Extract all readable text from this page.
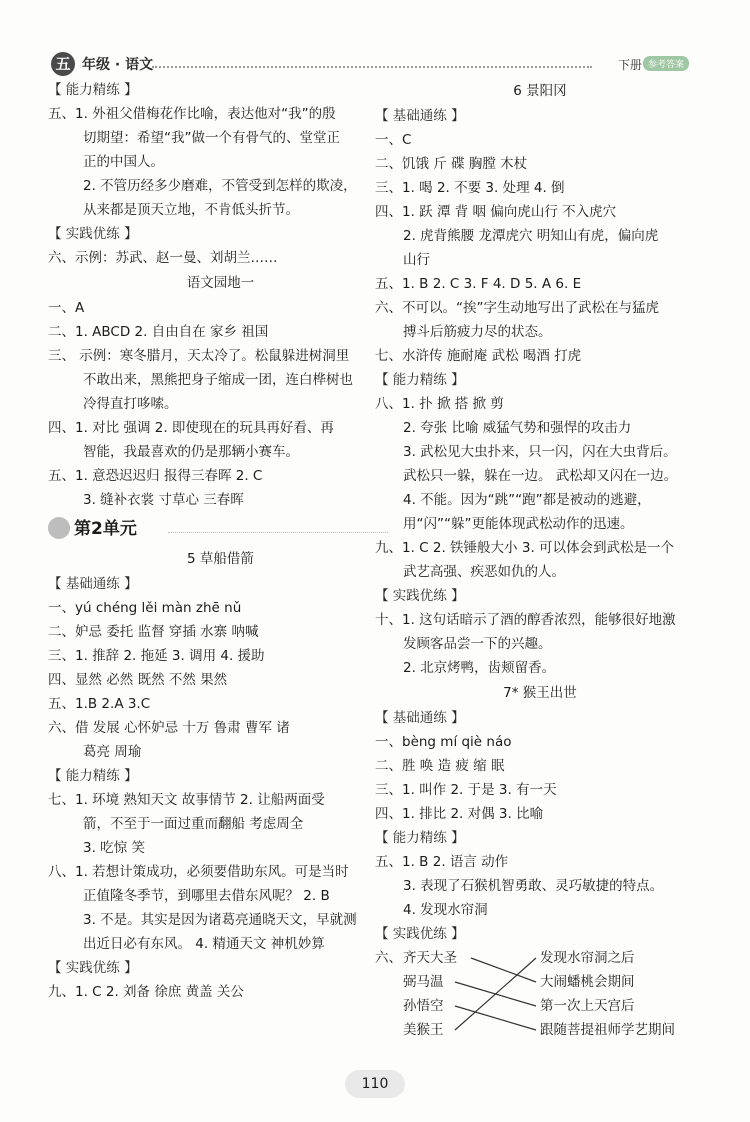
五 年级 · 语文	下册 参考答案
【 能力精练 】
五、1. 外祖父借梅花作比喻，表达他对“我”的殷
切期望：希望“我”做一个有骨气的、堂堂正
正的中国人。
2. 不管历经多少磨难，不管受到怎样的欺凌，
从来都是顶天立地，不肯低头折节。
【 实践优练 】
六、示例：苏武、赵一曼、刘胡兰……
语文园地一
一、A
二、1. ABCD 2. 自由自在 家乡 祖国
三、 示例：寒冬腊月，天太冷了。松鼠躲进树洞里
不敢出来，黑熊把身子缩成一团，连白桦树也
冷得直打哆嗦。
四、1. 对比 强调 2. 即使现在的玩具再好看、再
智能，我最喜欢的仍是那辆小赛车。
五、1. 意恐迟迟归 报得三春晖 2. C
3. 缝补衣裳 寸草心 三春晖
第2单元
5 草船借箭
【 基础通练 】
一、yú chéng lěi màn zhē nǔ
二、妒忌 委托 监督 穿插 水寨 呐喊
三、1. 推辞 2. 拖延 3. 调用 4. 援助
四、显然 必然 既然 不然 果然
五、1.B 2.A 3.C
六、借 发展 心怀妒忌 十万 鲁肃 曹军 诸
葛亮 周瑜
【 能力精练 】
七、1. 环境 熟知天文 故事情节 2. 让船两面受
箭，不至于一面过重而翻船 考虑周全
3. 吃惊 笑
八、1. 若想计策成功，必须要借助东风。可是当时
正值隆冬季节，到哪里去借东风呢？ 2. B
3. 不是。其实是因为诸葛亮通晓天文，早就测
出近日必有东风。 4. 精通天文 神机妙算
【 实践优练 】
九、1. C 2. 刘备 徐庶 黄盖 关公
6 景阳冈
【 基础通练 】
一、C
二、饥饿 斤 碟 胸膛 木杖
三、1. 喝 2. 不要 3. 处理 4. 倒
四、1. 跃 潭 背 咽 偏向虎山行 不入虎穴
2. 虎背熊腰 龙潭虎穴 明知山有虎，偏向虎
山行
五、1. B 2. C 3. F 4. D 5. A 6. E
六、不可以。“挨”字生动地写出了武松在与猛虎
搏斗后筋疲力尽的状态。
七、水浒传 施耐庵 武松 喝酒 打虎
【 能力精练 】
八、1. 扑 掀 搭 掀 剪
2. 夸张 比喻 威猛气势和强悍的攻击力
3. 武松见大虫扑来，只一闪，闪在大虫背后。
武松只一躲，躲在一边。 武松却又闪在一边。
4. 不能。因为“跳”“跑”都是被动的逃避，
用“闪”“躲”更能体现武松动作的迅速。
九、1. C 2. 铁锤般大小 3. 可以体会到武松是一个
武艺高强、疾恶如仇的人。
【 实践优练 】
十、1. 这句话暗示了酒的醇香浓烈，能够很好地激
发顾客品尝一下的兴趣。
2. 北京烤鸭，齿颊留香。
7* 猴王出世
【 基础通练 】
一、bèng mí qiè náo
二、胜 唤 造 疲 缩 眠
三、1. 叫作 2. 于是 3. 有一天
四、1. 排比 2. 对偶 3. 比喻
【 能力精练 】
五、1. B 2. 语言 动作
3. 表现了石猴机智勇敢、灵巧敏捷的特点。
4. 发现水帘洞
【 实践优练 】
六、 齐天大圣
弼马温
孙悟空
美猴王
发现水帘洞之后
大闹蟠桃会期间
第一次上天宫后
跟随菩提祖师学艺期间
110
